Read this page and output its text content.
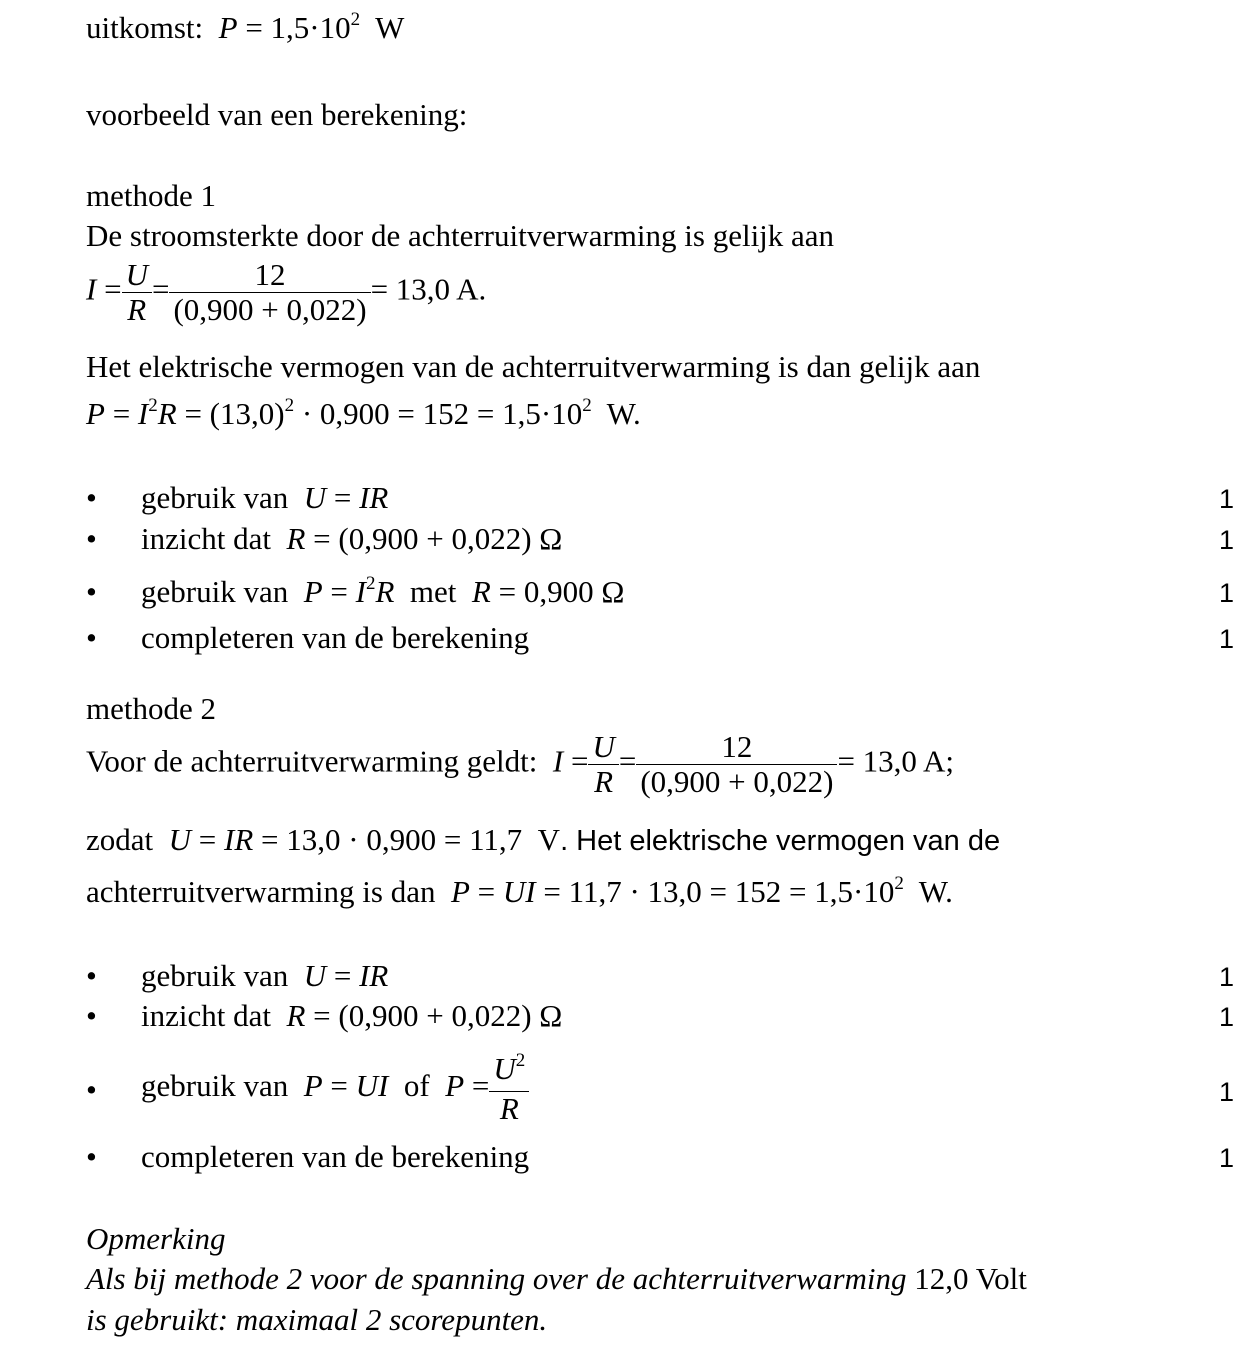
uitkomst: $P = 1,5\cdot 10^2$  W
voorbeeld van een berekening:
methode 1
De stroomsterkte door de achterruitverwarming is gelijk aan
$I = \frac{U}{R} = \frac{12}{(0,900 + 0,022)} = 13,0$ A.
Het elektrische vermogen van de achterruitverwarming is dan gelijk aan
$P = I^2R = (13,0)^2 \cdot 0,900 = 152 = 1,5\cdot 10^2$  W.
• gebruik van  U = IR	1
• inzicht dat  R = (0,900 + 0,022) Ω	1
• gebruik van  $P = I^2R$  met  R = 0,900 Ω	1
• completeren van de berekening	1
methode 2
Voor de achterruitverwarming geldt: $I = \frac{U}{R} = \frac{12}{(0,900 + 0,022)} = 13,0$ A;
zodat U = IR = 13,0 · 0,900 = 11,7  V. Het elektrische vermogen van de
achterruitverwarming is dan P = UI = $11,7 \cdot 13,0 = 152 = 1,5\cdot 10^2$  W.
• gebruik van  U = IR	1
• inzicht dat  R = (0,900 + 0,022) Ω	1
• gebruik van  P = UI  of  $P = \frac{U^2}{R}$	1
• completeren van de berekening	1
Opmerking
Als bij methode 2 voor de spanning over de achterruitverwarming 12,0 Volt
is gebruikt: maximaal 2 scorepunten.
